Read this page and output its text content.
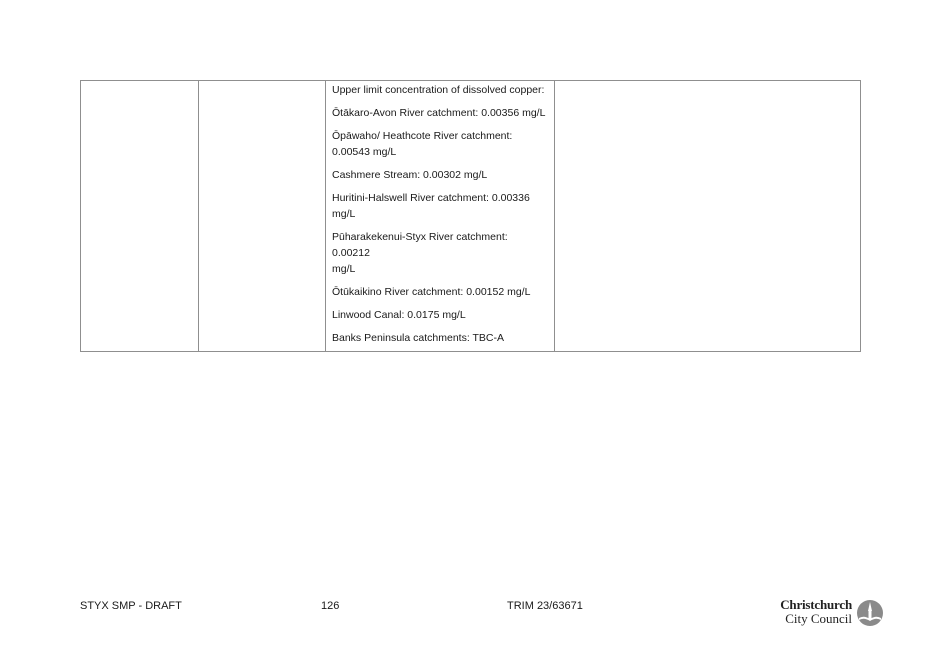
Upper limit concentration of dissolved copper:

Ōtākaro-Avon River catchment: 0.00356 mg/L

Ōpāwaho/ Heathcote River catchment:
0.00543 mg/L

Cashmere Stream: 0.00302 mg/L

Huritini-Halswell River catchment: 0.00336
mg/L

Pūharakekenui-Styx River catchment: 0.00212
mg/L

Ōtūkaikino River catchment: 0.00152 mg/L

Linwood Canal: 0.0175 mg/L

Banks Peninsula catchments: TBC-A

STYX SMP - DRAFT	126	TRIM 23/63671	Christchurch
City Council
